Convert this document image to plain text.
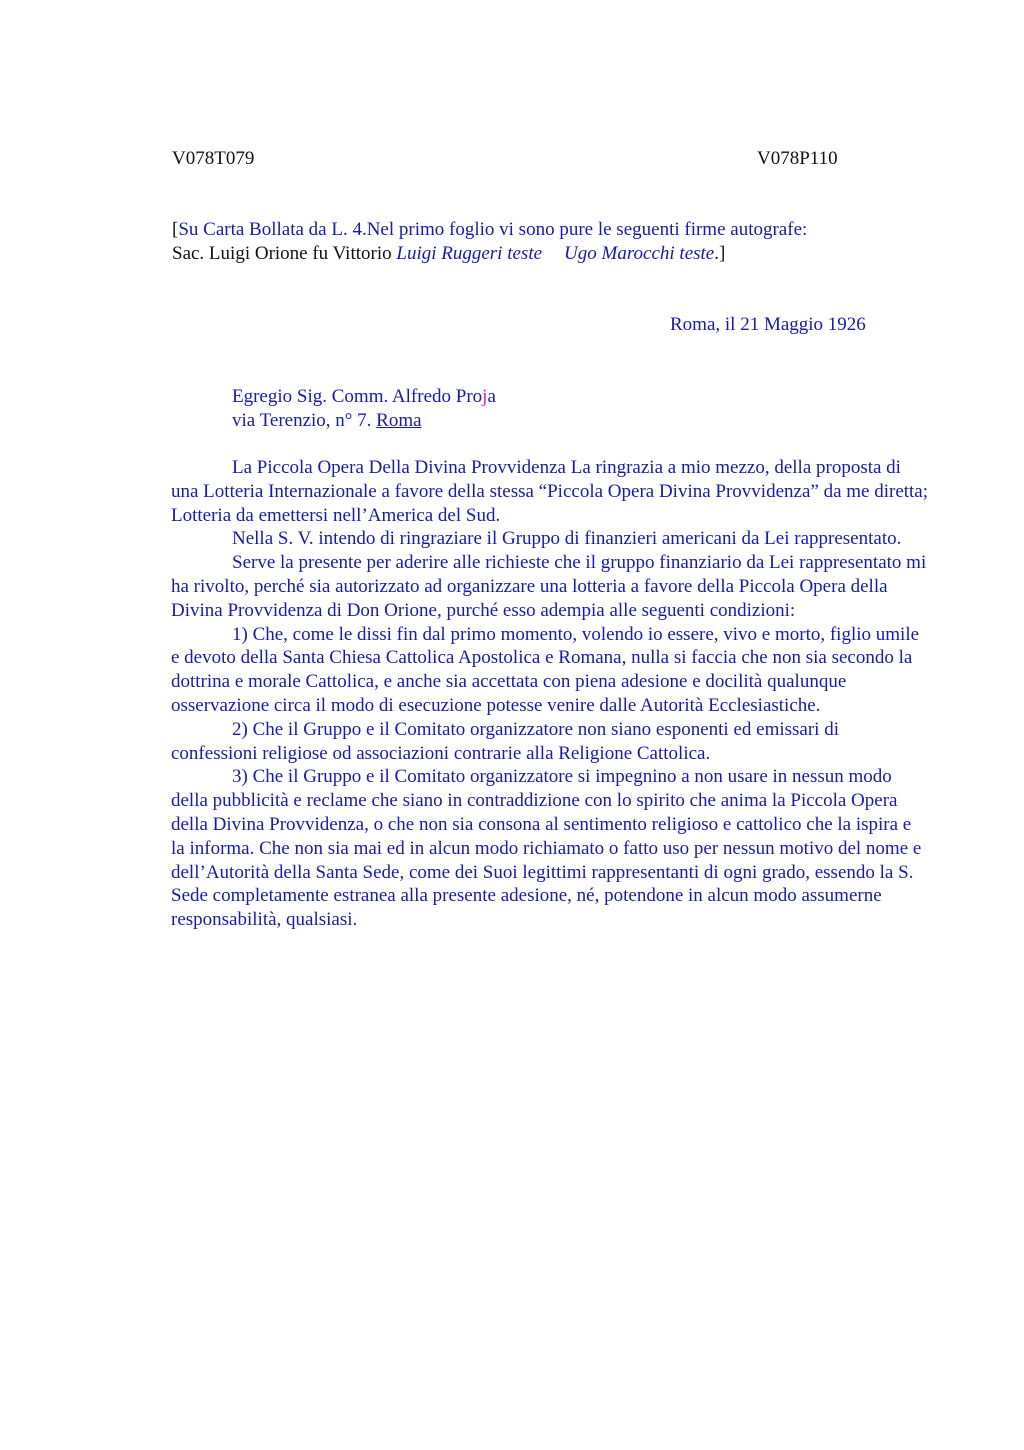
V078T079	V078P110
[Su Carta Bollata da L. 4.Nel primo foglio vi sono pure le seguenti firme autografe:
Sac. Luigi Orione fu Vittorio Luigi Ruggeri teste Ugo Marocchi teste.]
Roma, il 21 Maggio 1926
Egregio Sig. Comm. Alfredo Proja
via Terenzio, n° 7. Roma

La Piccola Opera Della Divina Provvidenza La ringrazia a mio mezzo, della proposta di una Lotteria Internazionale a favore della stessa “Piccola Opera Divina Provvidenza” da me diretta; Lotteria da emettersi nell’America del Sud.

Nella S. V. intendo di ringraziare il Gruppo di finanzieri americani da Lei rappresentato.

Serve la presente per aderire alle richieste che il gruppo finanziario da Lei rappresentato mi ha rivolto, perché sia autorizzato ad organizzare una lotteria a favore della Piccola Opera della Divina Provvidenza di Don Orione, purché esso adempia alle seguenti condizioni:

1) Che, come le dissi fin dal primo momento, volendo io essere, vivo e morto, figlio umile e devoto della Santa Chiesa Cattolica Apostolica e Romana, nulla si faccia che non sia secondo la dottrina e morale Cattolica, e anche sia accettata con piena adesione e docilità qualunque osservazione circa il modo di esecuzione potesse venire dalle Autorità Ecclesiastiche.

2) Che il Gruppo e il Comitato organizzatore non siano esponenti ed emissari di confessioni religiose od associazioni contrarie alla Religione Cattolica.

3) Che il Gruppo e il Comitato organizzatore si impegnino a non usare in nessun modo della pubblicità e reclame che siano in contraddizione con lo spirito che anima la Piccola Opera della Divina Provvidenza, o che non sia consona al sentimento religioso e cattolico che la ispira e la informa. Che non sia mai ed in alcun modo richiamato o fatto uso per nessun motivo del nome e dell’Autorità della Santa Sede, come dei Suoi legittimi rappresentanti di ogni grado, essendo la S. Sede completamente estranea alla presente adesione, né, potendone in alcun modo assumerne responsabilità, qualsiasi.
